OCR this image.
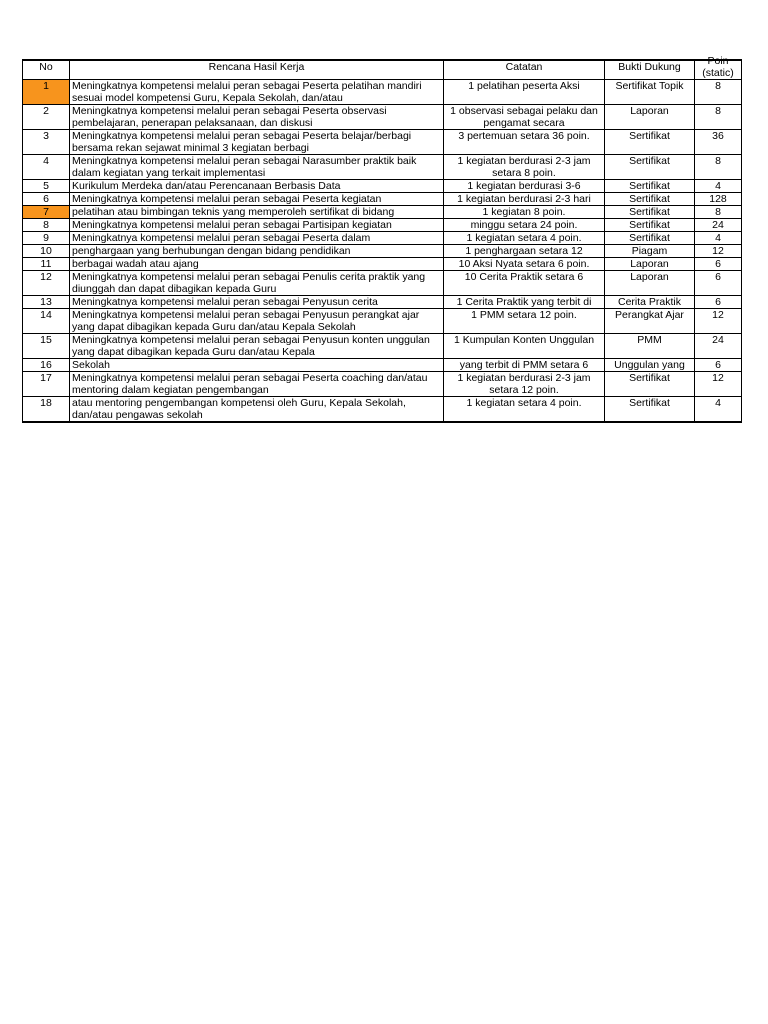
No	Rencana Hasil Kerja	Catatan	Bukti Dukung	Poin (static)

1	Meningkatnya kompetensi melalui peran sebagai Peserta pelatihan mandiri sesuai model kompetensi Guru, Kepala Sekolah, dan/atau	1 pelatihan peserta Aksi	Sertifikat Topik	8
2	Meningkatnya kompetensi melalui peran sebagai Peserta observasi pembelajaran, penerapan pelaksanaan, dan diskusi	1 observasi sebagai pelaku dan pengamat secara	Laporan	8
3	Meningkatnya kompetensi melalui peran sebagai Peserta belajar/berbagi bersama rekan sejawat minimal 3 kegiatan berbagi	3 pertemuan setara 36 poin.	Sertifikat	36
4	Meningkatnya kompetensi melalui peran sebagai Narasumber praktik baik dalam kegiatan yang terkait implementasi	1 kegiatan berdurasi 2-3 jam setara 8 poin.	Sertifikat	8
5	Kurikulum Merdeka dan/atau Perencanaan Berbasis Data	1 kegiatan berdurasi 3-6	Sertifikat	4
6	Meningkatnya kompetensi melalui peran sebagai Peserta kegiatan	1 kegiatan berdurasi 2-3 hari	Sertifikat	128
7	pelatihan atau bimbingan teknis yang memperoleh sertifikat di bidang	1 kegiatan 8 poin.	Sertifikat	8
8	Meningkatnya kompetensi melalui peran sebagai Partisipan kegiatan	minggu setara 24 poin.	Sertifikat	24
9	Meningkatnya kompetensi melalui peran sebagai Peserta dalam	1 kegiatan setara 4 poin.	Sertifikat	4
10	penghargaan yang berhubungan dengan bidang pendidikan	1 penghargaan setara 12	Piagam	12
11	berbagai wadah atau ajang	10 Aksi Nyata setara 6 poin.	Laporan	6
12	Meningkatnya kompetensi melalui peran sebagai Penulis cerita praktik yang diunggah dan dapat dibagikan kepada Guru	10 Cerita Praktik setara 6	Laporan	6
13	Meningkatnya kompetensi melalui peran sebagai Penyusun cerita	1 Cerita Praktik yang terbit di	Cerita Praktik	6
14	Meningkatnya kompetensi melalui peran sebagai Penyusun perangkat ajar yang dapat dibagikan kepada Guru dan/atau Kepala Sekolah	1 PMM setara 12 poin.	Perangkat Ajar	12
15	Meningkatnya kompetensi melalui peran sebagai Penyusun konten unggulan yang dapat dibagikan kepada Guru dan/atau Kepala	1 Kumpulan Konten Unggulan	PMM	24
16	Sekolah	yang terbit di PMM setara 6	Unggulan yang	6
17	Meningkatnya kompetensi melalui peran sebagai Peserta coaching dan/atau mentoring dalam kegiatan pengembangan	1 kegiatan berdurasi 2-3 jam setara 12 poin.	Sertifikat	12
18	atau mentoring pengembangan kompetensi oleh Guru, Kepala Sekolah, dan/atau pengawas sekolah	1 kegiatan setara 4 poin.	Sertifikat	4
